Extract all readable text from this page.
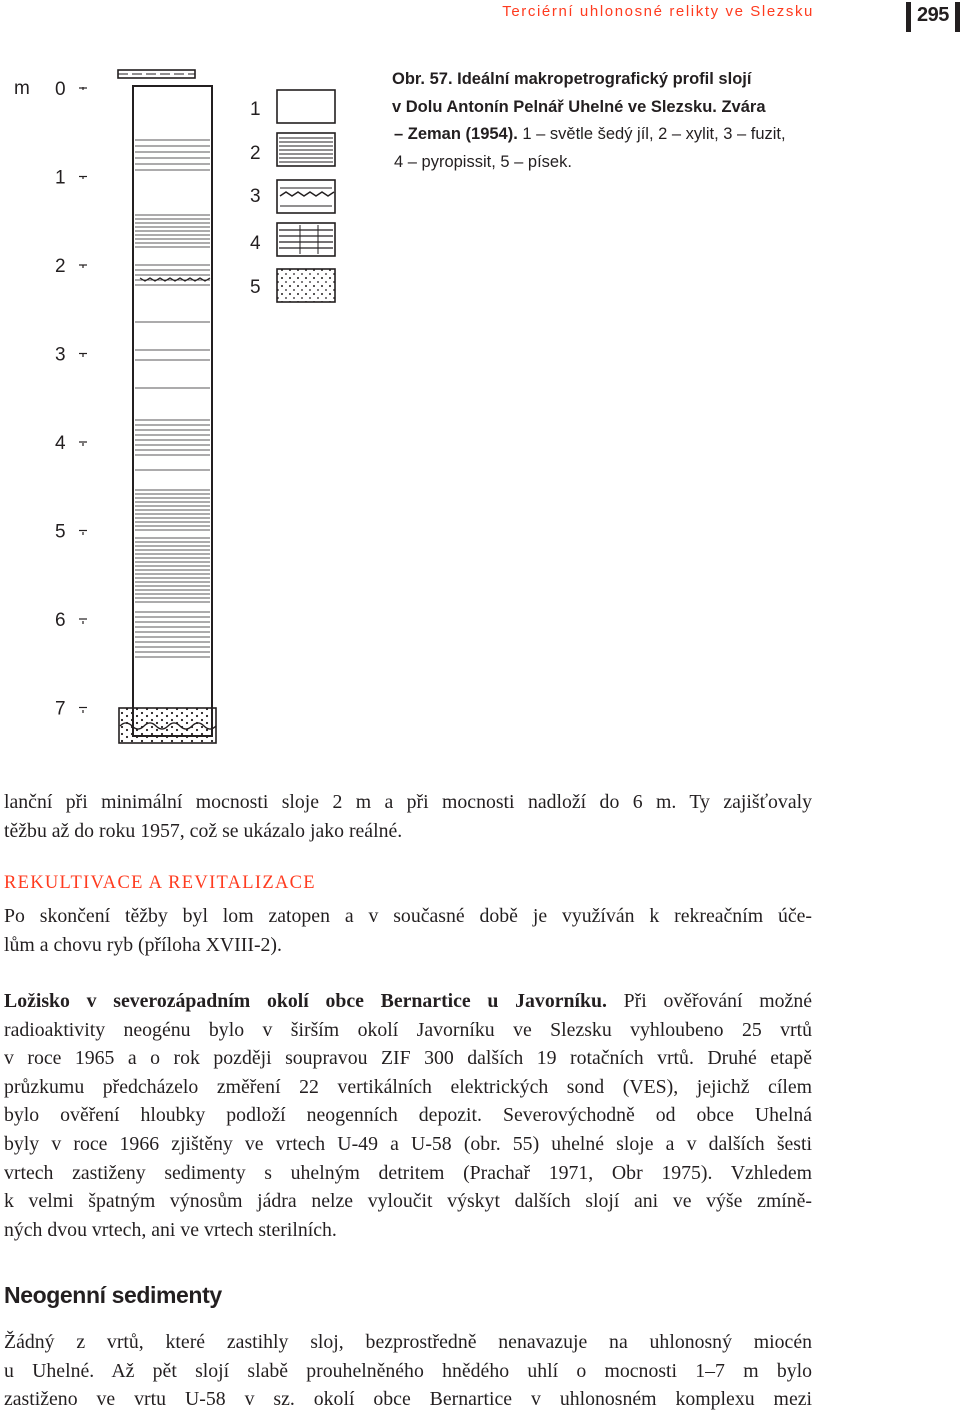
Terciérní uhlonosné relikty ve Slezsku	295
m 0
1
2
3
4
5
6
7
1
2
3
4
5
Obr. 57. Ideální makropetrografický profil slojí
v Dolu Antonín Pelnář Uhelné ve Slezsku. Zvára
– Zeman (1954). 1 – světle šedý jíl, 2 – xylit, 3 – fuzit,
4 – pyropissit, 5 – písek.
lanční při minimální mocnosti sloje 2 m a při mocnosti nadloží do 6 m. Ty zajišťovaly
těžbu až do roku 1957, což se ukázalo jako reálné.
REKULTIVACE A REVITALIZACE
Po skončení těžby byl lom zatopen a v současné době je využíván k rekreačním úče-
lům a chovu ryb (příloha XVIII-2).
Ložisko v severozápadním okolí obce Bernartice u Javorníku. Při ověřování možné
radioaktivity neogénu bylo v širším okolí Javorníku ve Slezsku vyhloubeno 25 vrtů
v roce 1965 a o rok později soupravou ZIF 300 dalších 19 rotačních vrtů. Druhé etapě
průzkumu předcházelo změření 22 vertikálních elektrických sond (VES), jejichž cílem
bylo ověření hloubky podloží neogenních depozit. Severovýchodně od obce Uhelná
byly v roce 1966 zjištěny ve vrtech U-49 a U-58 (obr. 55) uhelné sloje a v dalších šesti
vrtech zastiženy sedimenty s uhelným detritem (Prachař 1971, Obr 1975). Vzhledem
k velmi špatným výnosům jádra nelze vyloučit výskyt dalších slojí ani ve výše zmíně-
ných dvou vrtech, ani ve vrtech sterilních.
Neogenní sedimenty
Žádný z vrtů, které zastihly sloj, bezprostředně nenavazuje na uhlonosný miocén
u Uhelné. Až pět slojí slabě prouhelněného hnědého uhlí o mocnosti 1–7 m bylo
zastiženo ve vrtu U-58 v sz. okolí obce Bernartice v uhlonosném komplexu mezi
